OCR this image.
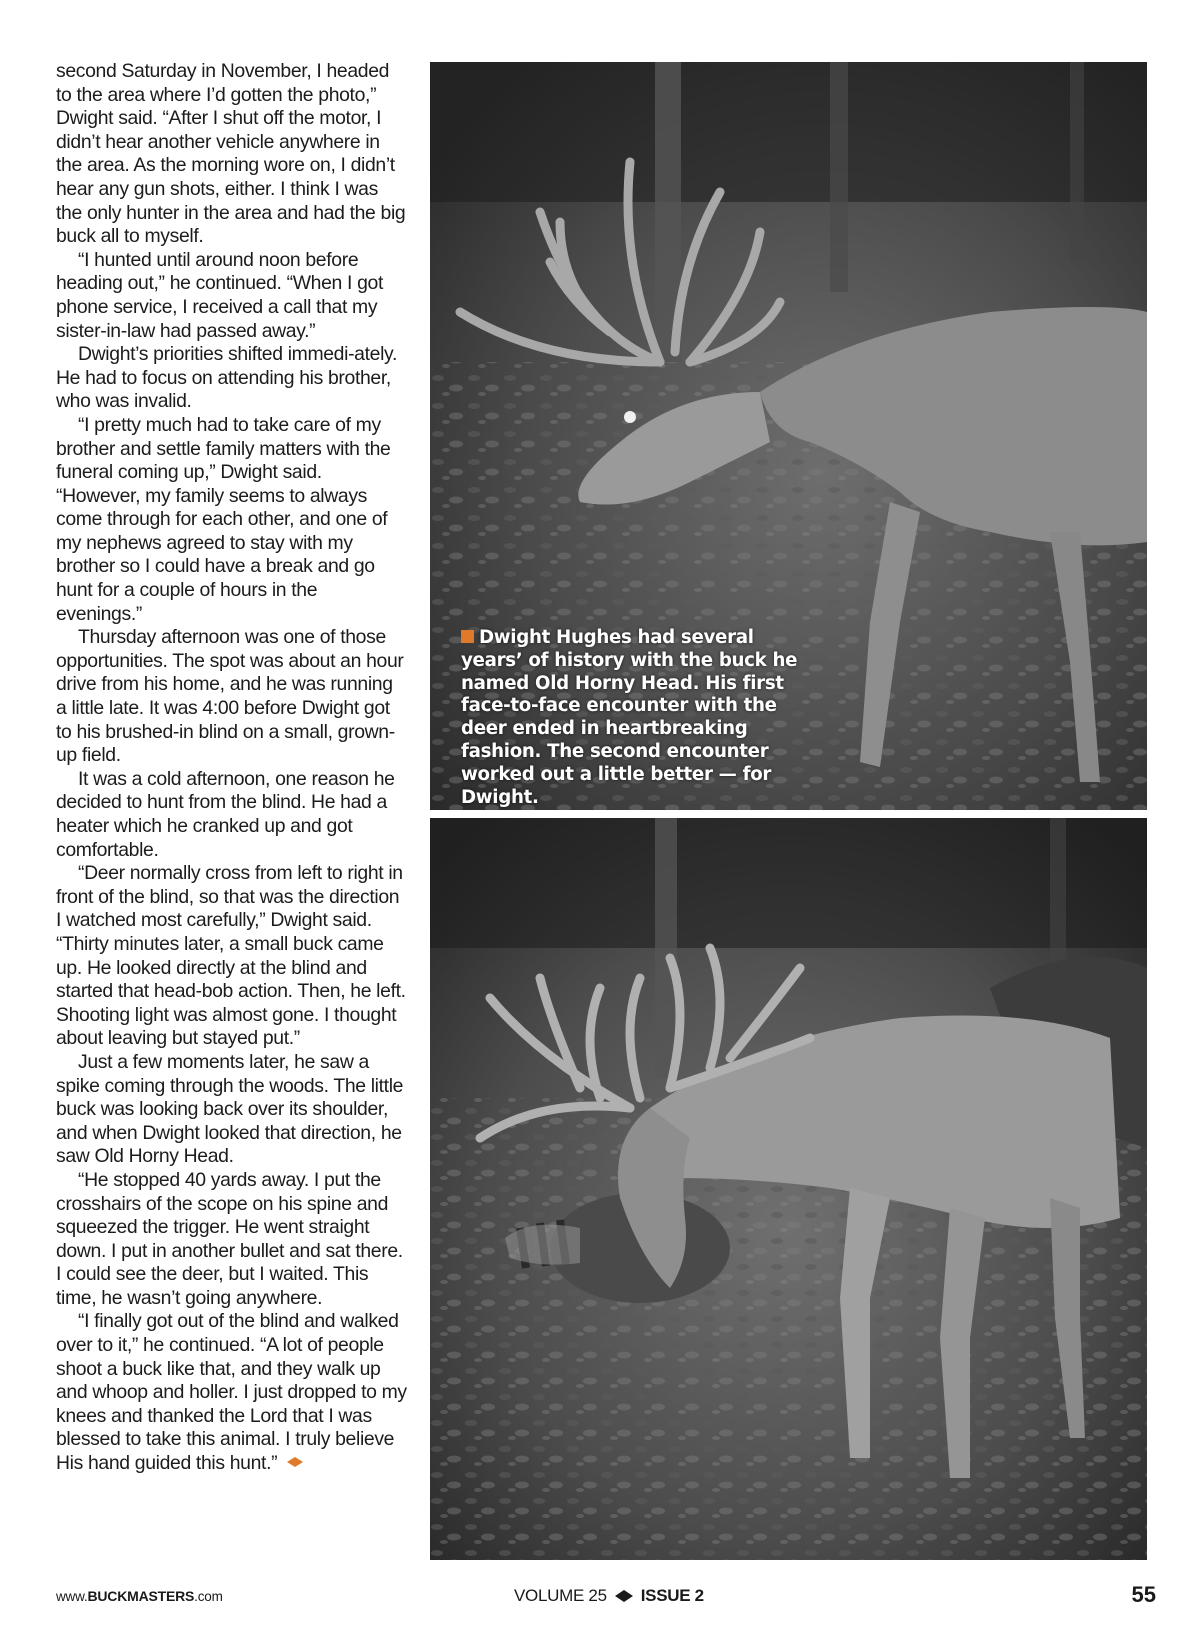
second Saturday in November, I headed to the area where I’d gotten the photo,” Dwight said. “After I shut off the motor, I didn’t hear another vehicle anywhere in the area. As the morning wore on, I didn’t hear any gun shots, either. I think I was the only hunter in the area and had the big buck all to myself.

“I hunted until around noon before heading out,” he continued. “When I got phone service, I received a call that my sister-in-law had passed away.”

Dwight’s priorities shifted immedi-ately. He had to focus on attending his brother, who was invalid.

“I pretty much had to take care of my brother and settle family matters with the funeral coming up,” Dwight said. “However, my family seems to always come through for each other, and one of my nephews agreed to stay with my brother so I could have a break and go hunt for a couple of hours in the evenings.”

Thursday afternoon was one of those opportunities. The spot was about an hour drive from his home, and he was running a little late. It was 4:00 before Dwight got to his brushed-in blind on a small, grown-up field.

It was a cold afternoon, one reason he decided to hunt from the blind. He had a heater which he cranked up and got comfortable.

“Deer normally cross from left to right in front of the blind, so that was the direction I watched most carefully,” Dwight said. “Thirty minutes later, a small buck came up. He looked directly at the blind and started that head-bob action. Then, he left. Shooting light was almost gone. I thought about leaving but stayed put.”

Just a few moments later, he saw a spike coming through the woods. The little buck was looking back over its shoulder, and when Dwight looked that direction, he saw Old Horny Head.

“He stopped 40 yards away. I put the crosshairs of the scope on his spine and squeezed the trigger. He went straight down. I put in another bullet and sat there. I could see the deer, but I waited. This time, he wasn’t going anywhere.

“I finally got out of the blind and walked over to it,” he continued. “A lot of people shoot a buck like that, and they walk up and whoop and holler. I just dropped to my knees and thanked the Lord that I was blessed to take this animal. I truly believe His hand guided this hunt.”

Dwight Hughes had several years’ of history with the buck he named Old Horny Head. His first face-to-face encounter with the deer ended in heartbreaking fashion. The second encounter worked out a little better — for Dwight.
www.BUCKMASTERS.com	VOLUME 25 ISSUE 2	55
